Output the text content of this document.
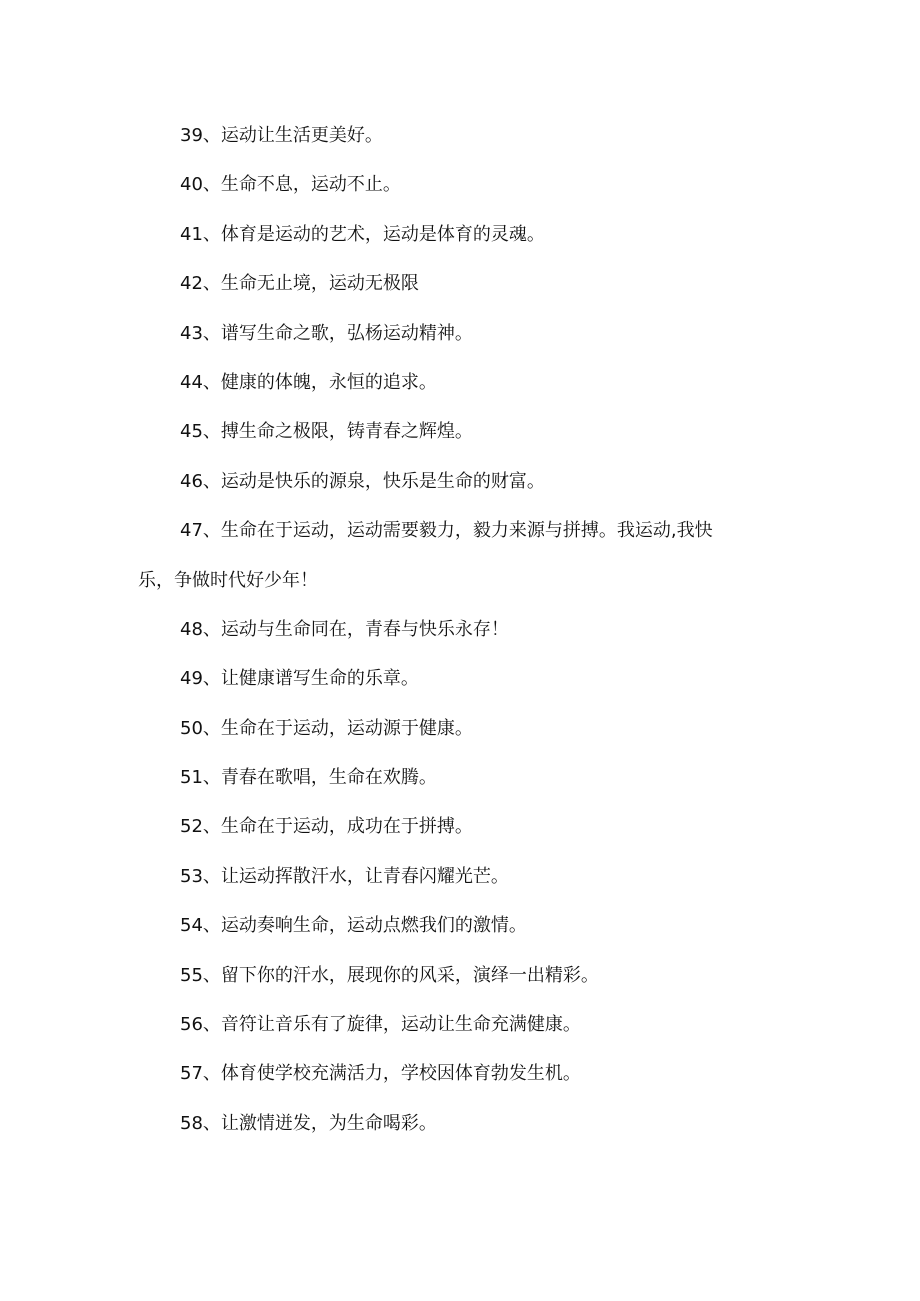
39、运动让生活更美好。
40、生命不息，运动不止。
41、体育是运动的艺术，运动是体育的灵魂。
42、生命无止境，运动无极限
43、谱写生命之歌，弘杨运动精神。
44、健康的体魄，永恒的追求。
45、搏生命之极限，铸青春之辉煌。
46、运动是快乐的源泉，快乐是生命的财富。
47、生命在于运动，运动需要毅力，毅力来源与拼搏。我运动,我快
乐，争做时代好少年！
48、运动与生命同在，青春与快乐永存！
49、让健康谱写生命的乐章。
50、生命在于运动，运动源于健康。
51、青春在歌唱，生命在欢腾。
52、生命在于运动，成功在于拼搏。
53、让运动挥散汗水，让青春闪耀光芒。
54、运动奏响生命，运动点燃我们的激情。
55、留下你的汗水，展现你的风采，演绎一出精彩。
56、音符让音乐有了旋律，运动让生命充满健康。
57、体育使学校充满活力，学校因体育勃发生机。
58、让激情迸发，为生命喝彩。
